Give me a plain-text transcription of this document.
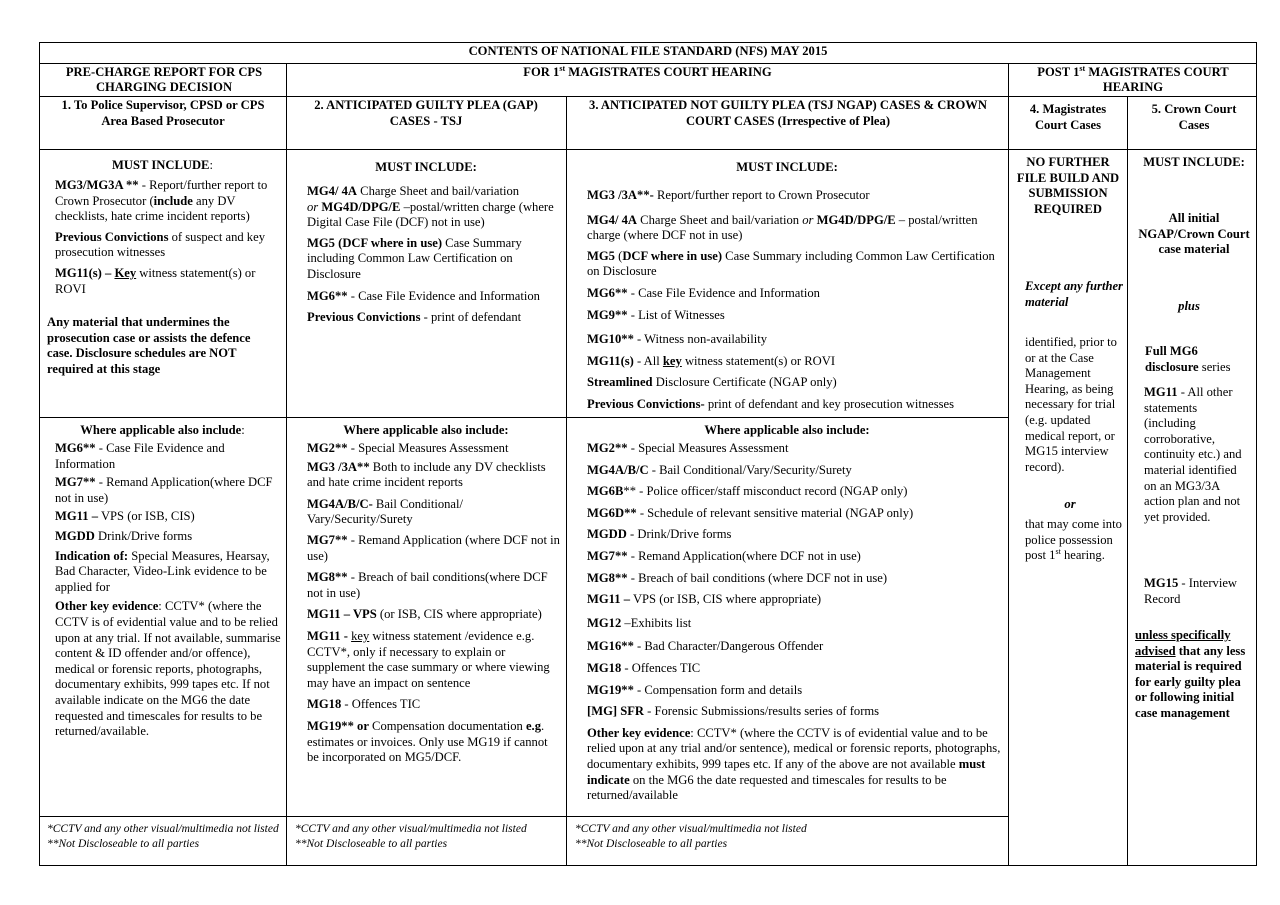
CONTENTS OF NATIONAL FILE STANDARD (NFS) MAY 2015
PRE-CHARGE REPORT FOR CPS CHARGING DECISION
FOR 1st MAGISTRATES COURT HEARING	POST 1st MAGISTRATES COURT HEARING
1. To Police Supervisor, CPSD or CPS Area Based Prosecutor
2. ANTICIPATED GUILTY PLEA (GAP) CASES - TSJ
3. ANTICIPATED NOT GUILTY PLEA (TSJ NGAP) CASES & CROWN COURT CASES (Irrespective of Plea)
4. Magistrates Court Cases
5. Crown Court Cases
MUST INCLUDE:

MG3/MG3A ** - Report/further report to Crown Prosecutor (include any DV checklists, hate crime incident reports)

Previous Convictions of suspect and key prosecution witnesses

MG11(s) – Key witness statement(s) or ROVI

Any material that undermines the prosecution case or assists the defence case. Disclosure schedules are NOT required at this stage
MUST INCLUDE:

MG4/ 4A Charge Sheet and bail/variation
or MG4D/DPG/E –postal/written charge (where Digital Case File (DCF) not in use)

MG5 (DCF where in use) Case Summary including Common Law Certification on Disclosure

MG6** - Case File Evidence and Information

Previous Convictions - print of defendant

MUST INCLUDE:

MG3 /3A**- Report/further report to Crown Prosecutor

MG4/ 4A Charge Sheet and bail/variation or MG4D/DPG/E – postal/written charge (where DCF not in use)

MG5 (DCF where in use) Case Summary including Common Law Certification on Disclosure

MG6** - Case File Evidence and Information

MG9** - List of Witnesses

MG10** - Witness non-availability

MG11(s) - All key witness statement(s) or ROVI

Streamlined Disclosure Certificate (NGAP only)

Previous Convictions- print of defendant and key prosecution witnesses

NO FURTHER FILE BUILD AND SUBMISSION REQUIRED
Except any further material
identified, prior to or at the Case Management Hearing, as being necessary for trial (e.g. updated medical report, or MG15 interview record).
or
that may come into police possession post 1st hearing.
MUST INCLUDE:
All initial NGAP/Crown Court case material
plus
Full MG6 disclosure series
MG11 - All other statements (including corroborative, continuity etc.) and material identified on an MG3/3A action plan and not yet provided.
MG15 - Interview Record
unless specifically advised that any less material is required for early guilty plea or following initial case management
Where applicable also include:

MG6** - Case File Evidence and Information

MG7** - Remand Application(where DCF not in use)

MG11 – VPS (or ISB, CIS)

MGDD Drink/Drive forms

Indication of: Special Measures, Hearsay, Bad Character, Video-Link evidence to be applied for

Other key evidence: CCTV* (where the CCTV is of evidential value and to be relied upon at any trial. If not available, summarise content & ID offender and/or offence), medical or forensic reports, photographs, documentary exhibits, 999 tapes etc. If not available indicate on the MG6 the date requested and timescales for results to be returned/available.

Where applicable also include:

MG2** - Special Measures Assessment

MG3 /3A** Both to include any DV checklists and hate crime incident reports

MG4A/B/C- Bail Conditional/ Vary/Security/Surety

MG7** - Remand Application (where DCF not in use)

MG8** - Breach of bail conditions(where DCF not in use)

MG11 – VPS (or ISB, CIS where appropriate)

MG11 - key witness statement /evidence e.g. CCTV*, only if necessary to explain or supplement the case summary or where viewing may have an impact on sentence

MG18 - Offences TIC

MG19** or Compensation documentation e.g. estimates or invoices. Only use MG19 if cannot be incorporated on MG5/DCF.

Where applicable also include:

MG2** - Special Measures Assessment

MG4A/B/C - Bail Conditional/Vary/Security/Surety

MG6B** - Police officer/staff misconduct record (NGAP only)

MG6D** - Schedule of relevant sensitive material (NGAP only)

MGDD - Drink/Drive forms

MG7** - Remand Application(where DCF not in use)

MG8** - Breach of bail conditions (where DCF not in use)

MG11 – VPS (or ISB, CIS where appropriate)

MG12 –Exhibits list

MG16** - Bad Character/Dangerous Offender

MG18 - Offences TIC

MG19** - Compensation form and details

[MG] SFR - Forensic Submissions/results series of forms

Other key evidence: CCTV* (where the CCTV is of evidential value and to be relied upon at any trial and/or sentence), medical or forensic reports, photographs, documentary exhibits, 999 tapes etc. If any of the above are not available must indicate on the MG6 the date requested and timescales for results to be returned/available

*CCTV and any other visual/multimedia not listed

**Not Discloseable to all parties

*CCTV and any other visual/multimedia not listed

**Not Discloseable to all parties

*CCTV and any other visual/multimedia not listed

**Not Discloseable to all parties
